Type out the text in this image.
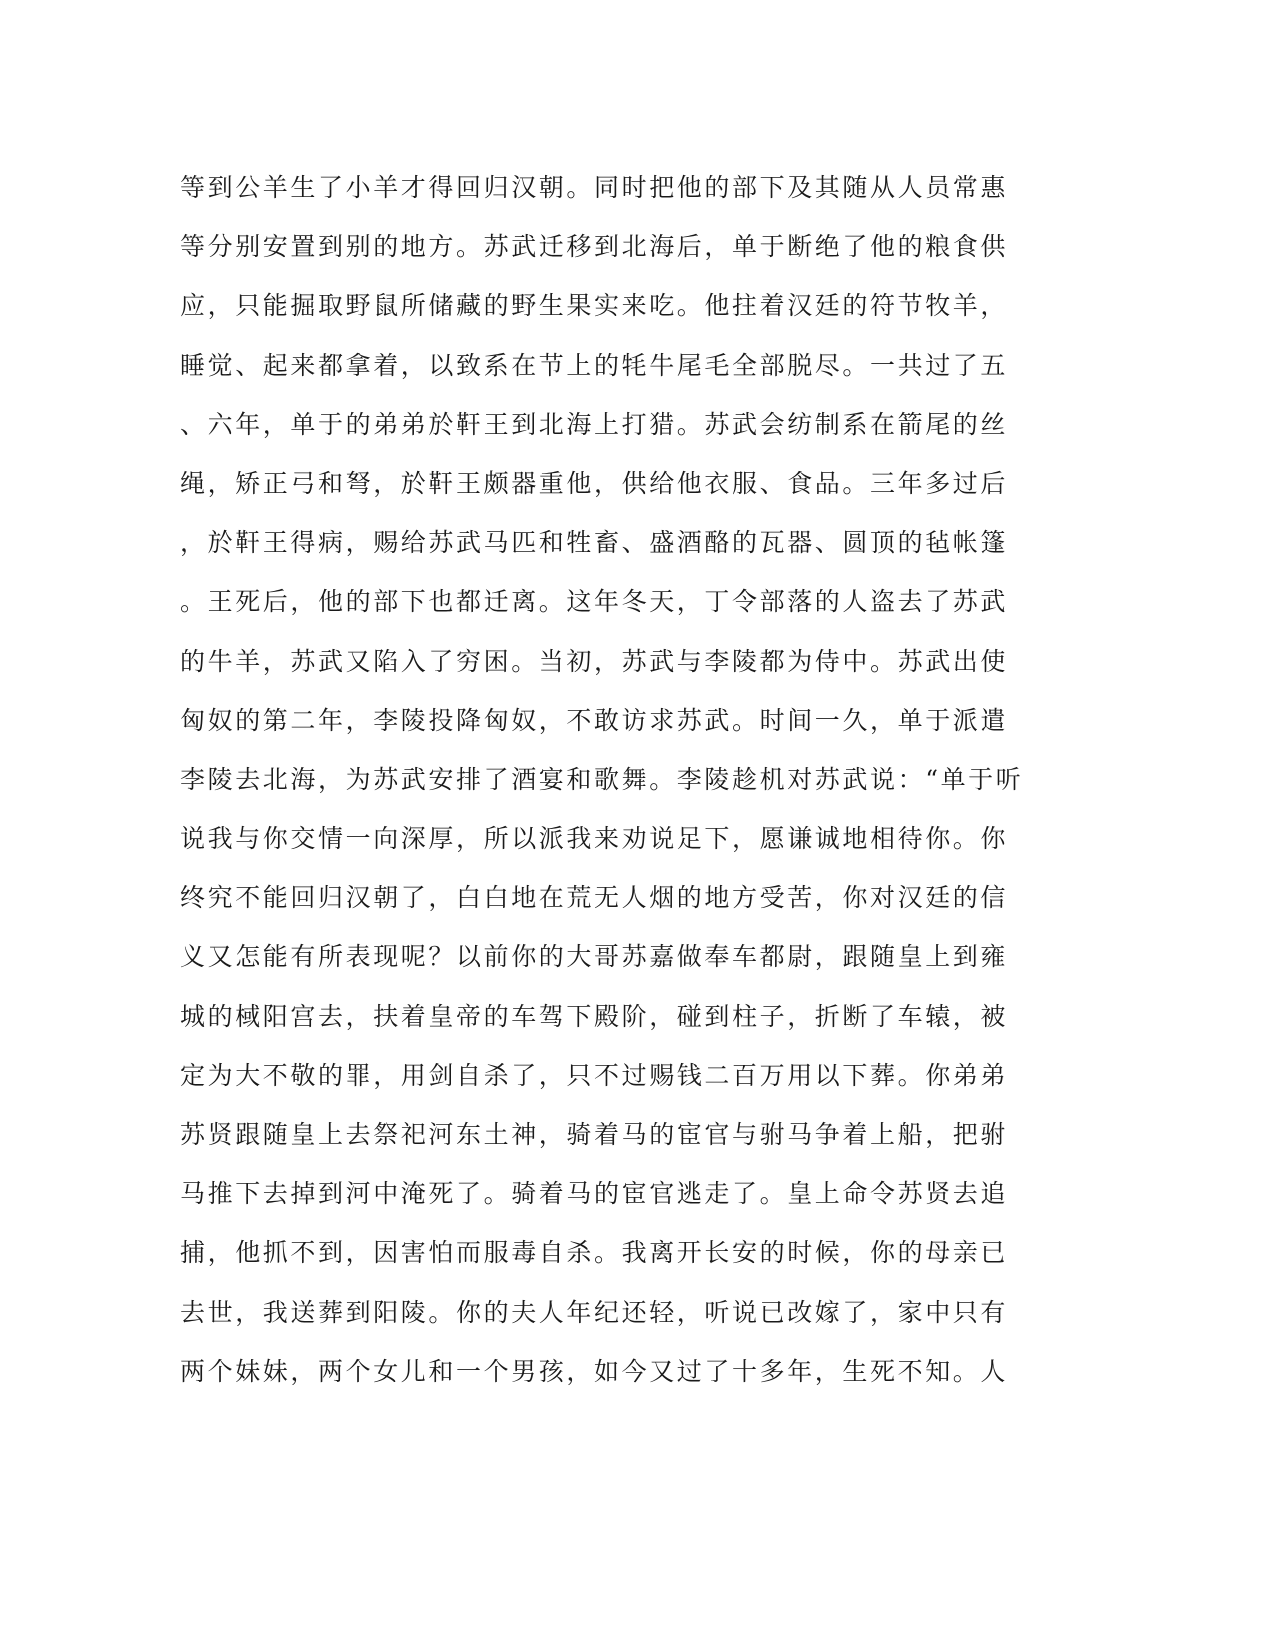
等到公羊生了小羊才得回归汉朝。同时把他的部下及其随从人员常惠
等分别安置到别的地方。苏武迁移到北海后，单于断绝了他的粮食供
应，只能掘取野鼠所储藏的野生果实来吃。他拄着汉廷的符节牧羊，
睡觉、起来都拿着，以致系在节上的牦牛尾毛全部脱尽。一共过了五
、六年，单于的弟弟於靬王到北海上打猎。苏武会纺制系在箭尾的丝
绳，矫正弓和弩，於靬王颇器重他，供给他衣服、食品。三年多过后
，於靬王得病，赐给苏武马匹和牲畜、盛酒酪的瓦器、圆顶的毡帐篷
。王死后，他的部下也都迁离。这年冬天，丁令部落的人盗去了苏武
的牛羊，苏武又陷入了穷困。当初，苏武与李陵都为侍中。苏武出使
匈奴的第二年，李陵投降匈奴，不敢访求苏武。时间一久，单于派遣
李陵去北海，为苏武安排了酒宴和歌舞。李陵趁机对苏武说：“单于听
说我与你交情一向深厚，所以派我来劝说足下，愿谦诚地相待你。你
终究不能回归汉朝了，白白地在荒无人烟的地方受苦，你对汉廷的信
义又怎能有所表现呢？以前你的大哥苏嘉做奉车都尉，跟随皇上到雍
城的棫阳宫去，扶着皇帝的车驾下殿阶，碰到柱子，折断了车辕，被
定为大不敬的罪，用剑自杀了，只不过赐钱二百万用以下葬。你弟弟
苏贤跟随皇上去祭祀河东土神，骑着马的宦官与驸马争着上船，把驸
马推下去掉到河中淹死了。骑着马的宦官逃走了。皇上命令苏贤去追
捕，他抓不到，因害怕而服毒自杀。我离开长安的时候，你的母亲已
去世，我送葬到阳陵。你的夫人年纪还轻，听说已改嫁了，家中只有
两个妹妹，两个女儿和一个男孩，如今又过了十多年，生死不知。人
